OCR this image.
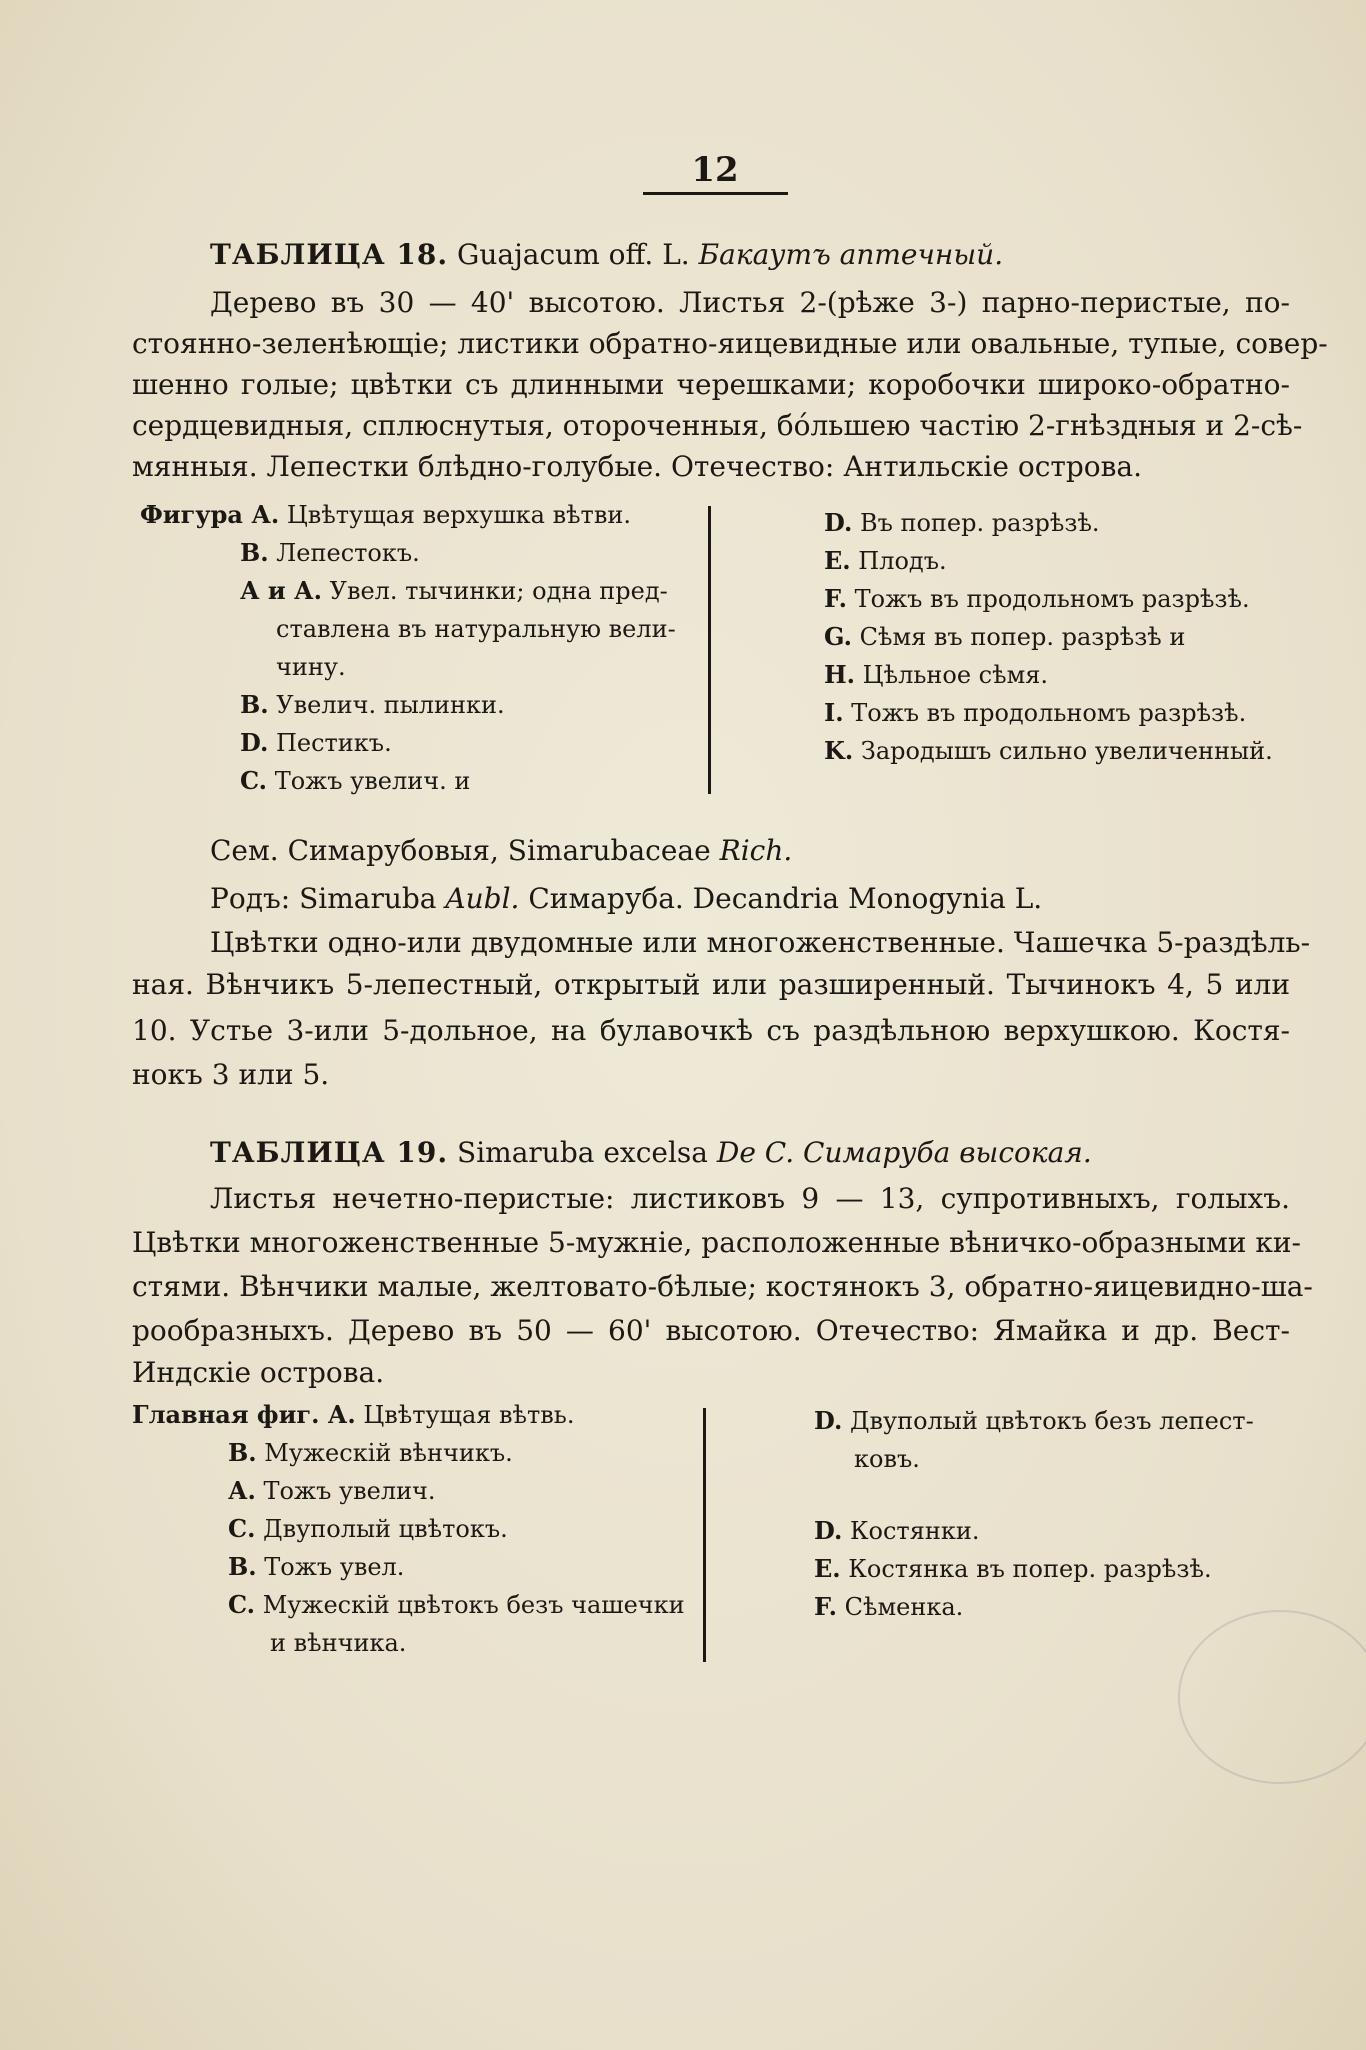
12
ТАБЛИЦА 18. Guajacum off. L. Бакаутъ аптечный.
Дерево въ 30 — 40' высотою. Листья 2-(рѣже 3-) парно-перистые, по-
стоянно-зеленѣющіе; листики обратно-яицевидные или овальные, тупые, совер-
шенно голые; цвѣтки съ длинными черешками; коробочки широко-обратно-
сердцевидныя, сплюснутыя, отороченныя, бо́льшею частію 2-гнѣздныя и 2-сѣ-
мянныя. Лепестки блѣдно-голубые. Отечество: Антильскіе острова.
Фигура А. Цвѣтущая верхушка вѣтви.
В. Лепестокъ.
А и А. Увел. тычинки; одна пред-
ставлена въ натуральную вели-
чину.
B. Увелич. пылинки.
D. Пестикъ.
C. Тожъ увелич. и
D. Въ попер. разрѣзѣ.
E. Плодъ.
F. Тожъ въ продольномъ разрѣзѣ.
G. Сѣмя въ попер. разрѣзѣ и
H. Цѣльное сѣмя.
I. Тожъ въ продольномъ разрѣзѣ.
K. Зародышъ сильно увеличенный.
Сем. Симарубовыя, Simarubaceae Rich.
Родъ: Simaruba Aubl. Симаруба. Decandria Monogynia L.
Цвѣтки одно-или двудомные или многоженственные. Чашечка 5-раздѣль-
ная. Вѣнчикъ 5-лепестный, открытый или разширенный. Тычинокъ 4, 5 или
10. Устье 3-или 5-дольное, на булавочкѣ съ раздѣльною верхушкою. Костя-
нокъ 3 или 5.
ТАБЛИЦА 19. Simaruba excelsa De C. Симаруба высокая.
Листья нечетно-перистые: листиковъ 9 — 13, супротивныхъ, голыхъ.
Цвѣтки многоженственные 5-мужніе, расположенные вѣничко-образными ки-
стями. Вѣнчики малые, желтовато-бѣлые; костянокъ 3, обратно-яицевидно-ша-
рообразныхъ. Дерево въ 50 — 60' высотою. Отечество: Ямайка и др. Вест-
Индскіе острова.
Главная фиг. А. Цвѣтущая вѣтвь.
В. Мужескій вѣнчикъ.
А. Тожъ увелич.
С. Двуполый цвѣтокъ.
B. Тожъ увел.
C. Мужескій цвѣтокъ безъ чашечки
и вѣнчика.
D. Двуполый цвѣтокъ безъ лепест-
ковъ.
D. Костянки.
Е. Костянка въ попер. разрѣзѣ.
F. Сѣменка.
